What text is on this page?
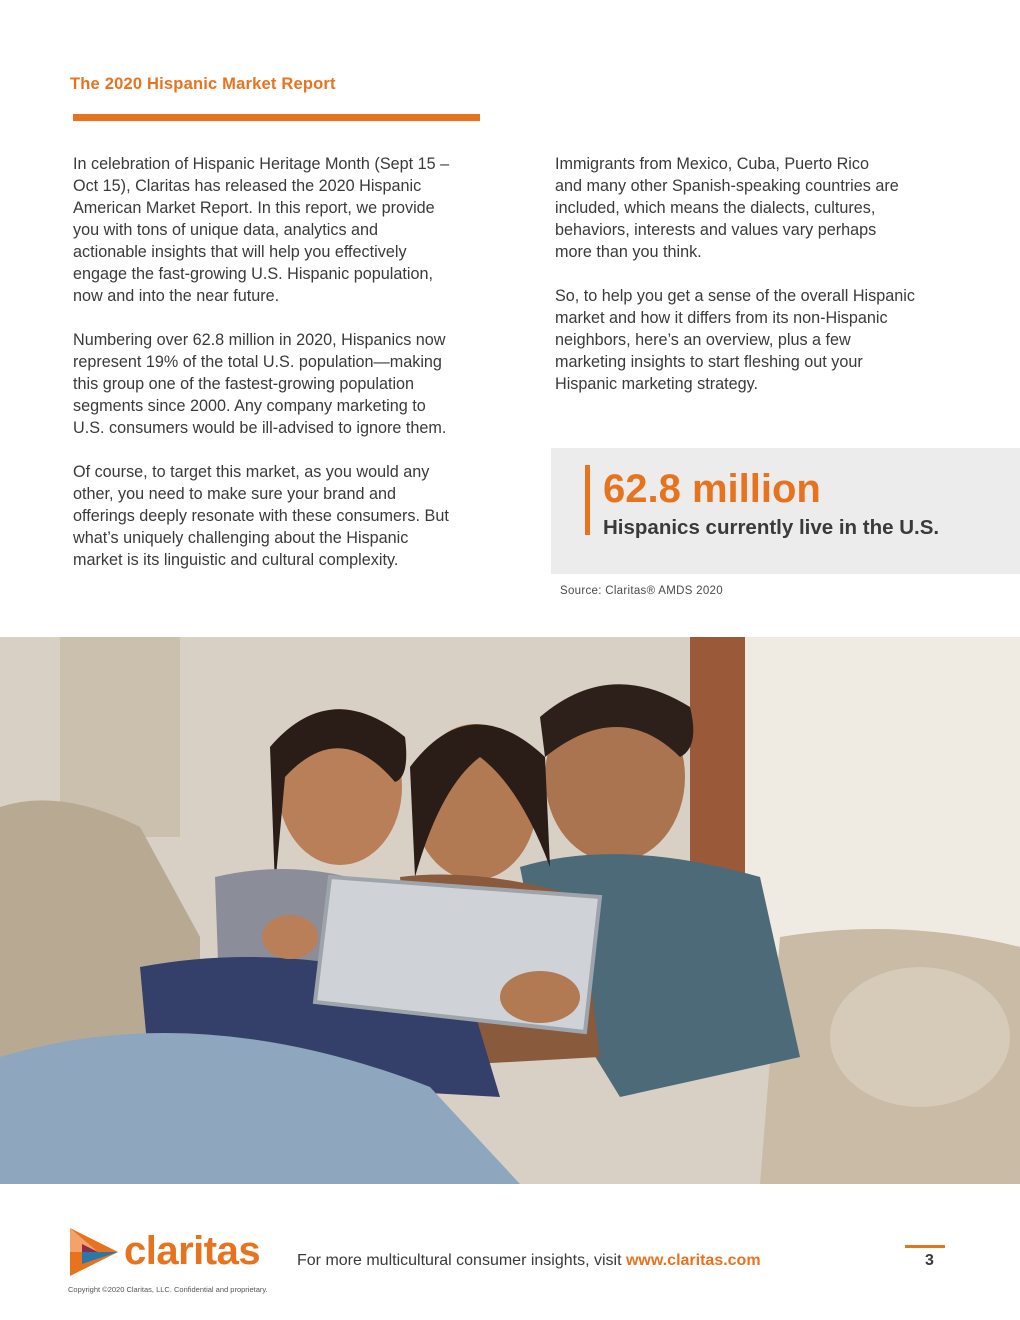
The 2020 Hispanic Market Report

In celebration of Hispanic Heritage Month (Sept 15 –
Oct 15), Claritas has released the 2020 Hispanic
American Market Report. In this report, we provide
you with tons of unique data, analytics and
actionable insights that will help you effectively
engage the fast-growing U.S. Hispanic population,
now and into the near future.

Numbering over 62.8 million in 2020, Hispanics now
represent 19% of the total U.S. population—making
this group one of the fastest-growing population
segments since 2000. Any company marketing to
U.S. consumers would be ill-advised to ignore them.

Of course, to target this market, as you would any
other, you need to make sure your brand and
offerings deeply resonate with these consumers. But
what’s uniquely challenging about the Hispanic
market is its linguistic and cultural complexity.

Immigrants from Mexico, Cuba, Puerto Rico
and many other Spanish-speaking countries are
included, which means the dialects, cultures,
behaviors, interests and values vary perhaps
more than you think.

So, to help you get a sense of the overall Hispanic
market and how it differs from its non-Hispanic
neighbors, here’s an overview, plus a few
marketing insights to start fleshing out your
Hispanic marketing strategy.

62.8 million
Hispanics currently live in the U.S.
Source: Claritas® AMDS 2020
claritas
Copyright ©2020 Claritas, LLC. Confidential and proprietary.
For more multicultural consumer insights, visit www.claritas.com	3
